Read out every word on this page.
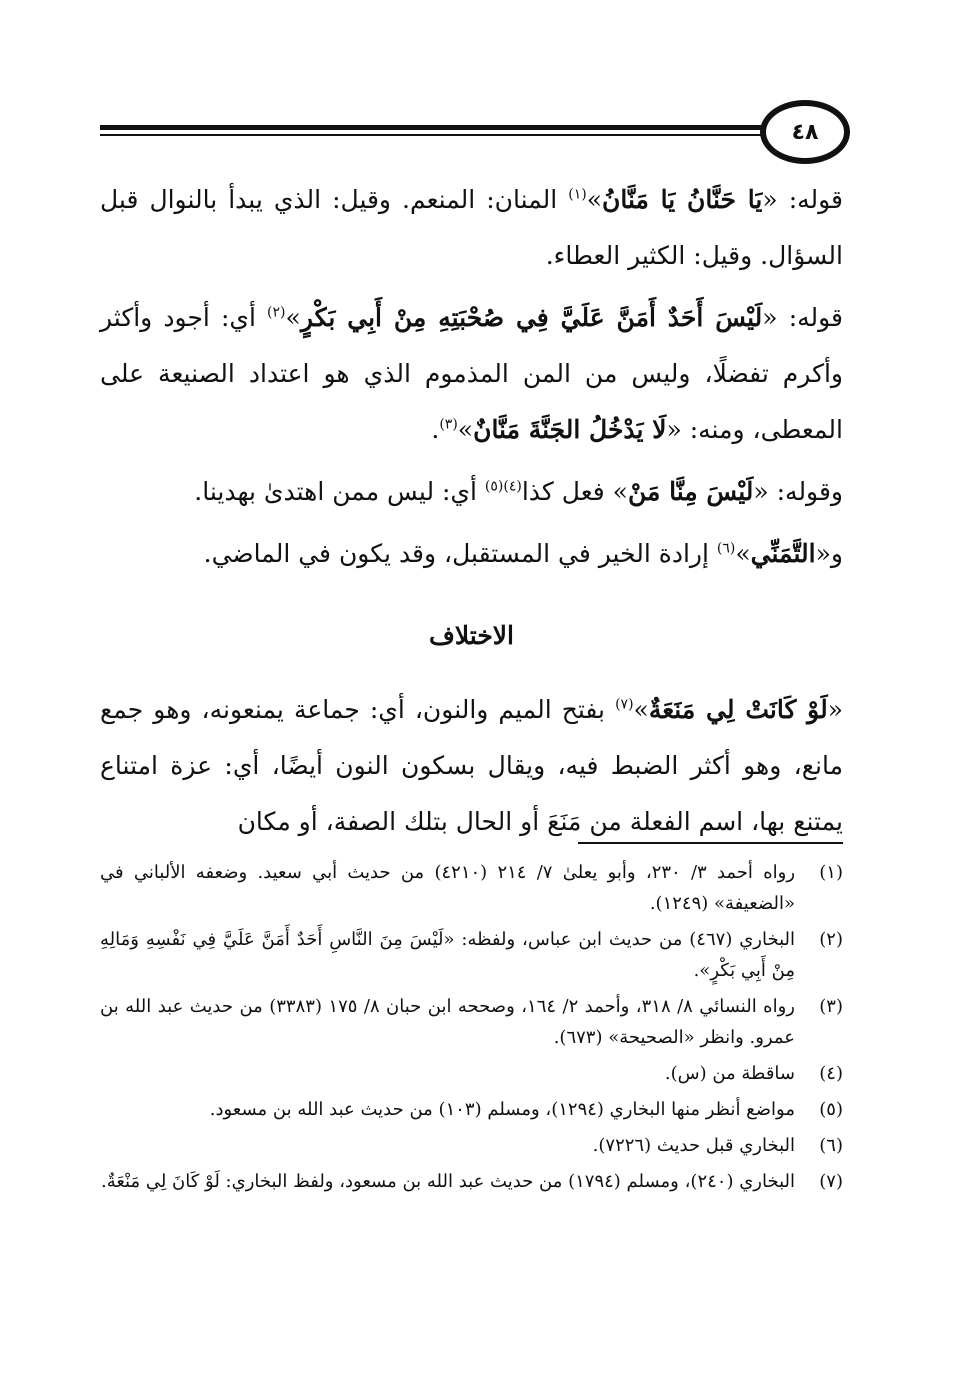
٤٨

قوله: «يَا حَنَّانُ يَا مَنَّانُ»$^{(١)}$ المنان: المنعم. وقيل: الذي يبدأ بالنوال قبل السؤال. وقيل: الكثير العطاء.

قوله: «لَيْسَ أَحَدٌ أَمَنَّ عَلَيَّ فِي صُحْبَتِهِ مِنْ أَبِي بَكْرٍ»$^{(٢)}$ أي: أجود وأكثر وأكرم تفضلًا، وليس من المن المذموم الذي هو اعتداد الصنيعة على المعطى، ومنه: «لَا يَدْخُلُ الجَنَّةَ مَنَّانٌ»$^{(٣)}$.

وقوله: «لَيْسَ مِنَّا مَنْ» فعل كذا$^{(٤)(٥)}$ أي: ليس ممن اهتدىٰ بهدينا.

و«التَّمَنِّي»$^{(٦)}$ إرادة الخير في المستقبل، وقد يكون في الماضي.

الاختلاف

«لَوْ كَانَتْ لِي مَنَعَةٌ»$^{(٧)}$ بفتح الميم والنون، أي: جماعة يمنعونه، وهو جمع مانع، وهو أكثر الضبط فيه، ويقال بسكون النون أيضًا، أي: عزة امتناع يمتنع بها، اسم الفعلة من مَنَعَ أو الحال بتلك الصفة، أو مكان

(١)
رواه أحمد ٣/ ٢٣٠، وأبو يعلىٰ ٧/ ٢١٤ (٤٢١٠) من حديث أبي سعيد. وضعفه الألباني في «الضعيفة» (١٢٤٩).
(٢)
البخاري (٤٦٧) من حديث ابن عباس، ولفظه: «لَيْسَ مِنَ النَّاسِ أَحَدٌ أَمَنَّ عَلَيَّ فِي نَفْسِهِ وَمَالِهِ مِنْ أَبِي بَكْرٍ».
(٣)
رواه النسائي ٨/ ٣١٨، وأحمد ٢/ ١٦٤، وصححه ابن حبان ٨/ ١٧٥ (٣٣٨٣) من حديث عبد الله بن عمرو. وانظر «الصحيحة» (٦٧٣).
(٤)
ساقطة من (س).
(٥)
مواضع أنظر منها البخاري (١٢٩٤)، ومسلم (١٠٣) من حديث عبد الله بن مسعود.
(٦)
البخاري قبل حديث (٧٢٢٦).
(٧)
البخاري (٢٤٠)، ومسلم (١٧٩٤) من حديث عبد الله بن مسعود، ولفظ البخاري: لَوْ كَانَ لِي مَنْعَةٌ.
